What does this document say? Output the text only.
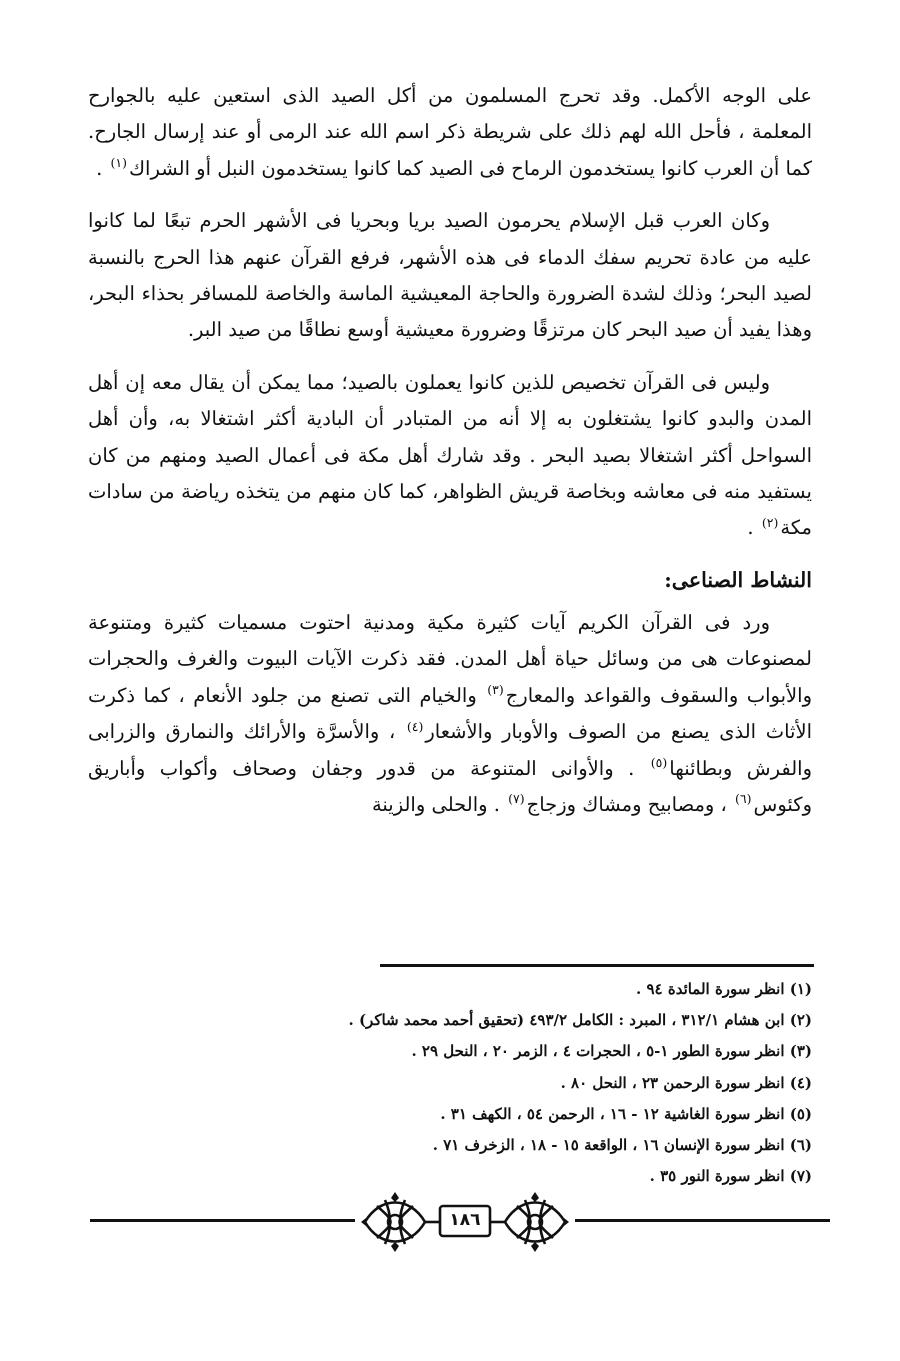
على الوجه الأكمل. وقد تحرج المسلمون من أكل الصيد الذى استعين عليه بالجوارح المعلمة ، فأحل الله لهم ذلك على شريطة ذكر اسم الله عند الرمى أو عند إرسال الجارح. كما أن العرب كانوا يستخدمون الرماح فى الصيد كما كانوا يستخدمون النبل أو الشراك$^{(١)}$ .

وكان العرب قبل الإسلام يحرمون الصيد بريا وبحريا فى الأشهر الحرم تبعًا لما كانوا عليه من عادة تحريم سفك الدماء فى هذه الأشهر، فرفع القرآن عنهم هذا الحرج بالنسبة لصيد البحر؛ وذلك لشدة الضرورة والحاجة المعيشية الماسة والخاصة للمسافر بحذاء البحر، وهذا يفيد أن صيد البحر كان مرتزقًا وضرورة معيشية أوسع نطاقًا من صيد البر.

وليس فى القرآن تخصيص للذين كانوا يعملون بالصيد؛ مما يمكن أن يقال معه إن أهل المدن والبدو كانوا يشتغلون به إلا أنه من المتبادر أن البادية أكثر اشتغالا به، وأن أهل السواحل أكثر اشتغالا بصيد البحر . وقد شارك أهل مكة فى أعمال الصيد ومنهم من كان يستفيد منه فى معاشه وبخاصة قريش الظواهر، كما كان منهم من يتخذه رياضة من سادات مكة$^{(٢)}$ .

النشاط الصناعى:

ورد فى القرآن الكريم آيات كثيرة مكية ومدنية احتوت مسميات كثيرة ومتنوعة لمصنوعات هى من وسائل حياة أهل المدن. فقد ذكرت الآيات البيوت والغرف والحجرات والأبواب والسقوف والقواعد والمعارج$^{(٣)}$ والخيام التى تصنع من جلود الأنعام ، كما ذكرت الأثاث الذى يصنع من الصوف والأوبار والأشعار$^{(٤)}$ ، والأسرَّة والأرائك والنمارق والزرابى والفرش وبطائنها$^{(٥)}$ . والأوانى المتنوعة من قدور وجفان وصحاف وأكواب وأباريق وكئوس$^{(٦)}$ ، ومصابيح ومشاك وزجاج$^{(٧)}$ . والحلى والزينة

(١) انظر سورة المائدة ٩٤ .
(٢) ابن هشام ٣١٢/١ ، المبرد : الكامل ٤٩٣/٢ (تحقيق أحمد محمد شاكر) .
(٣) انظر سورة الطور ١-٥ ، الحجرات ٤ ، الزمر ٢٠ ، النحل ٢٩ .
(٤) انظر سورة الرحمن ٢٣ ، النحل ٨٠ .
(٥) انظر سورة الغاشية ١٢ - ١٦ ، الرحمن ٥٤ ، الكهف ٣١ .
(٦) انظر سورة الإنسان ١٦ ، الواقعة ١٥ - ١٨ ، الزخرف ٧١ .
(٧) انظر سورة النور ٣٥ .
١٨٦
